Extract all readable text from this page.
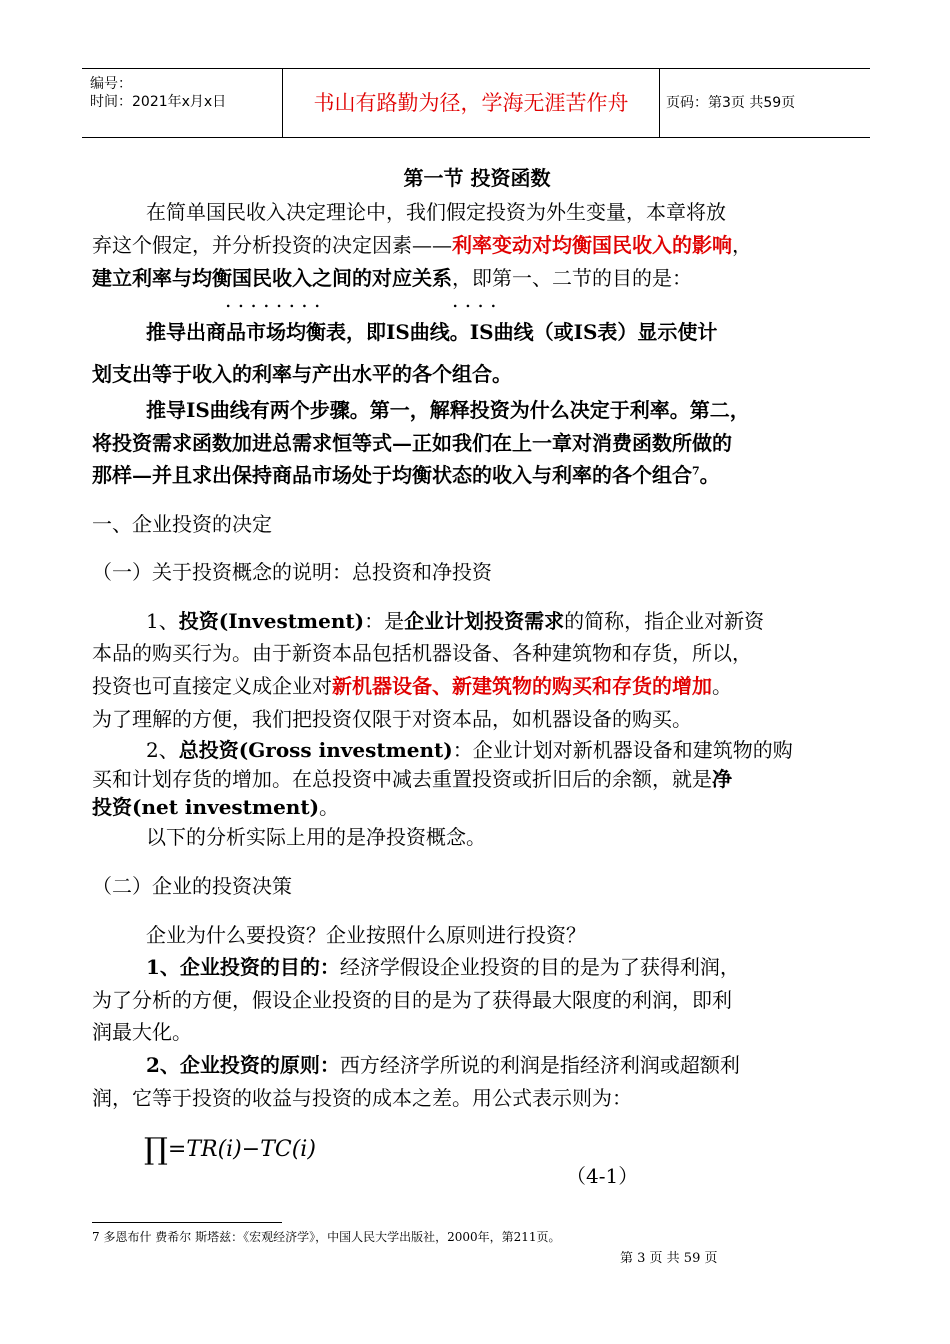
编号：
时间：2021年x月x日	书山有路勤为径，学海无涯苦作舟	页码：第3页 共59页
第一节 投资函数
在简单国民收入决定理论中，我们假定投资为外生变量，本章将放
弃这个假定，并分析投资的决定因素——利率变动对均衡国民收入的影响，
建立利率与均衡国民收入之间的对应关系，即第一、二节的目的是：
. . . . . . . .	. . . .
推导出商品市场均衡表，即IS曲线。IS曲线（或IS表）显示使计
划支出等于收入的利率与产出水平的各个组合。
推导IS曲线有两个步骤。第一，解释投资为什么决定于利率。第二，
将投资需求函数加进总需求恒等式—正如我们在上一章对消费函数所做的
那样—并且求出保持商品市场处于均衡状态的收入与利率的各个组合$^7$。
一、企业投资的决定
（一）关于投资概念的说明：总投资和净投资
1、投资(Investment)：是企业计划投资需求的简称，指企业对新资
本品的购买行为。由于新资本品包括机器设备、各种建筑物和存货，所以，
投资也可直接定义成企业对新机器设备、新建筑物的购买和存货的增加。
为了理解的方便，我们把投资仅限于对资本品，如机器设备的购买。
2、总投资(Gross investment)：企业计划对新机器设备和建筑物的购
买和计划存货的增加。在总投资中减去重置投资或折旧后的余额，就是净
投资(net investment)。
以下的分析实际上用的是净投资概念。
（二）企业的投资决策
企业为什么要投资？企业按照什么原则进行投资？
1、企业投资的目的：经济学假设企业投资的目的是为了获得利润，
为了分析的方便，假设企业投资的目的是为了获得最大限度的利润，即利
润最大化。
2、企业投资的原则：西方经济学所说的利润是指经济利润或超额利
润，它等于投资的收益与投资的成本之差。用公式表示则为：
∏=TR(i)−TC(i)
（4-1）
7 多恩布什 费希尔 斯塔兹：《宏观经济学》，中国人民大学出版社，2000年，第211页。
第 3 页 共 59 页
